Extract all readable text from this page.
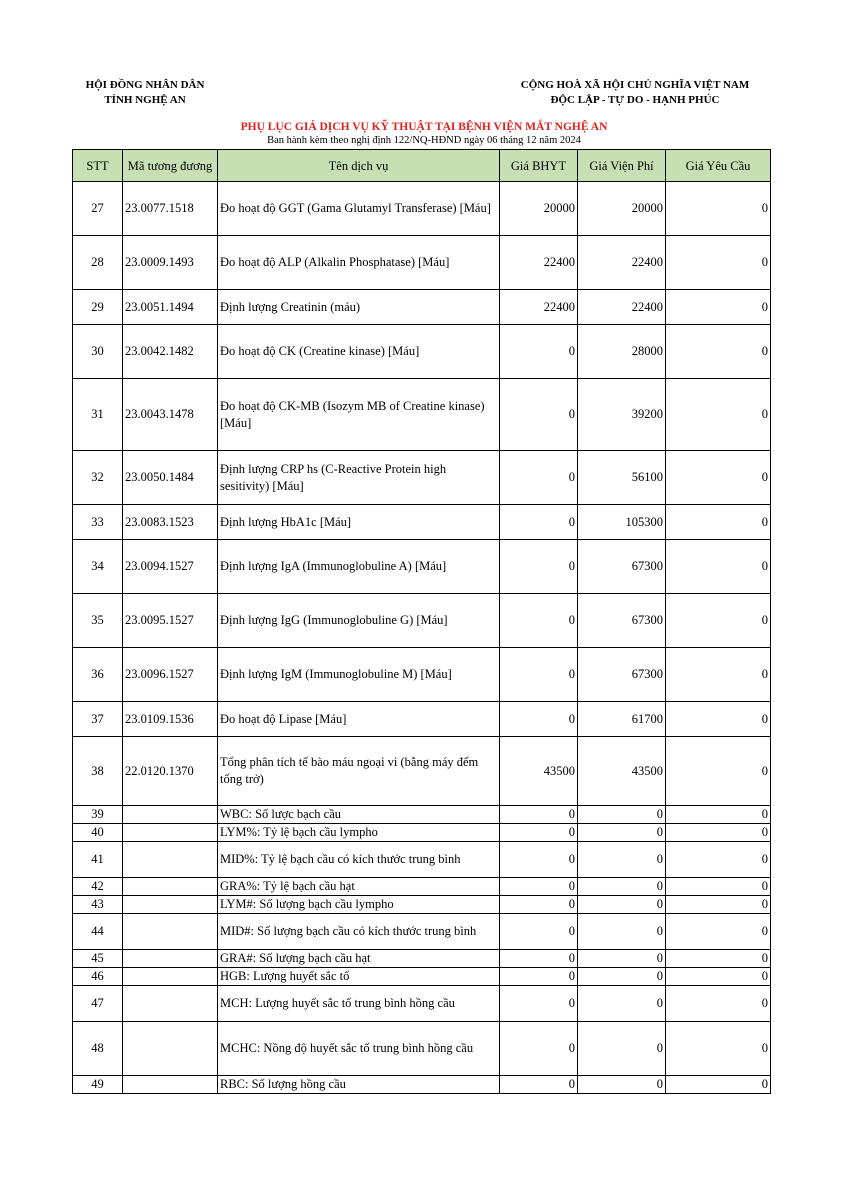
HỘI ĐỒNG NHÂN DÂN
TỈNH NGHỆ AN
CỘNG HOÀ XÃ HỘI CHỦ NGHĨA VIỆT NAM
ĐỘC LẬP - TỰ DO - HẠNH PHÚC
PHỤ LỤC GIÁ DỊCH VỤ KỸ THUẬT TẠI BỆNH VIỆN MẮT NGHỆ AN
Ban hành kèm theo nghị định 122/NQ-HĐND ngày 06 tháng 12 năm 2024
STT	Mã tương đương	Tên dịch vụ	Giá BHYT	Giá Viện Phí	Giá Yêu Cầu
27	23.0077.1518	Đo hoạt độ GGT (Gama Glutamyl Transferase) [Máu]	20000	20000	0
28	23.0009.1493	Đo hoạt độ ALP (Alkalin Phosphatase) [Máu]	22400	22400	0
29	23.0051.1494	Định lượng Creatinin (máu)	22400	22400	0
30	23.0042.1482	Đo hoạt độ CK (Creatine kinase) [Máu]	0	28000	0
31	23.0043.1478	Đo hoạt độ CK-MB (Isozym MB of Creatine kinase) [Máu]	0	39200	0
32	23.0050.1484	Định lượng CRP hs (C-Reactive Protein high sesitivity) [Máu]	0	56100	0
33	23.0083.1523	Định lượng HbA1c [Máu]	0	105300	0
34	23.0094.1527	Định lượng IgA (Immunoglobuline A) [Máu]	0	67300	0
35	23.0095.1527	Định lượng IgG (Immunoglobuline G) [Máu]	0	67300	0
36	23.0096.1527	Định lượng IgM (Immunoglobuline M) [Máu]	0	67300	0
37	23.0109.1536	Đo hoạt độ Lipase [Máu]	0	61700	0
38	22.0120.1370	Tổng phân tích tế bào máu ngoại vi (bằng máy đếm tổng trở)	43500	43500	0
39		WBC: Số lược bạch cầu	0	0	0
40		LYM%: Tỷ lệ bạch cầu lympho	0	0	0
41		MID%: Tỷ lệ bạch cầu có kích thước trung bình	0	0	0
42		GRA%: Tỷ lệ bạch cầu hạt	0	0	0
43		LYM#: Số lượng bạch cầu lympho	0	0	0
44		MID#: Số lượng bạch cầu có kích thước trung bình	0	0	0
45		GRA#: Số lượng bạch cầu hạt	0	0	0
46		HGB: Lượng huyết sắc tố	0	0	0
47		MCH: Lượng huyết sắc tố trung bình hồng cầu	0	0	0
48		MCHC: Nồng độ huyết sắc tố trung bình hồng cầu	0	0	0
49		RBC: Số lượng hồng cầu	0	0	0
